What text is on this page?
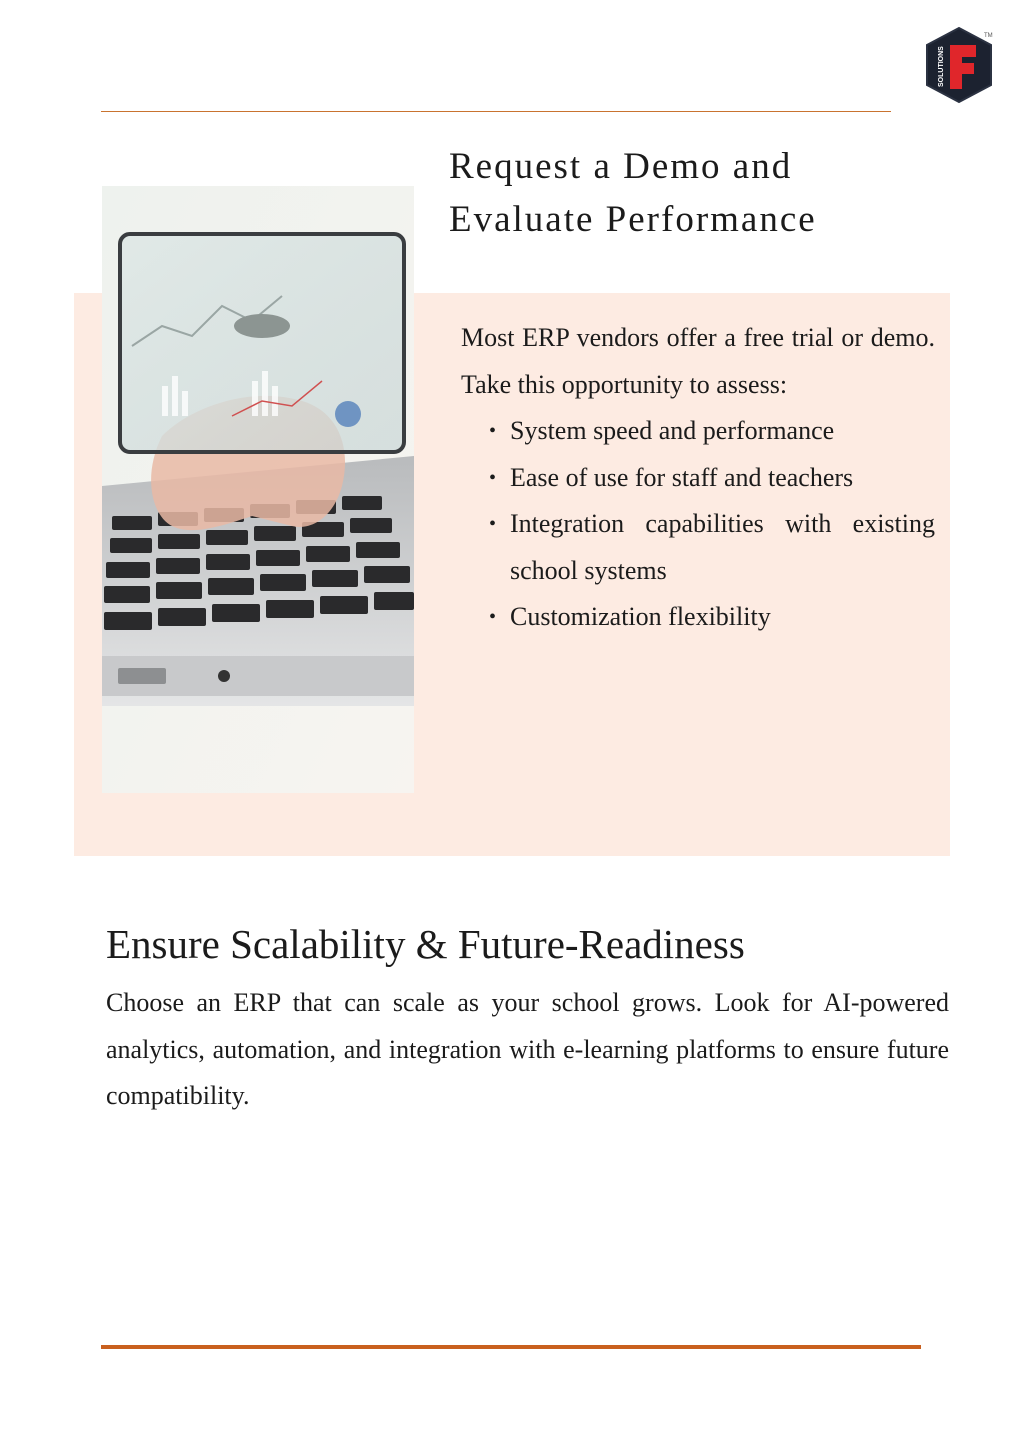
SOLUTIONS
TM
Request a Demo and
Evaluate Performance

Most ERP vendors offer a free trial or demo. Take this opportunity to assess:

• System speed and performance
• Ease of use for staff and teachers
• Integration capabilities with existing school systems
• Customization flexibility
Ensure Scalability & Future-Readiness

Choose an ERP that can scale as your school grows. Look for AI-powered analytics, automation, and integration with e-learning platforms to ensure future compatibility.
